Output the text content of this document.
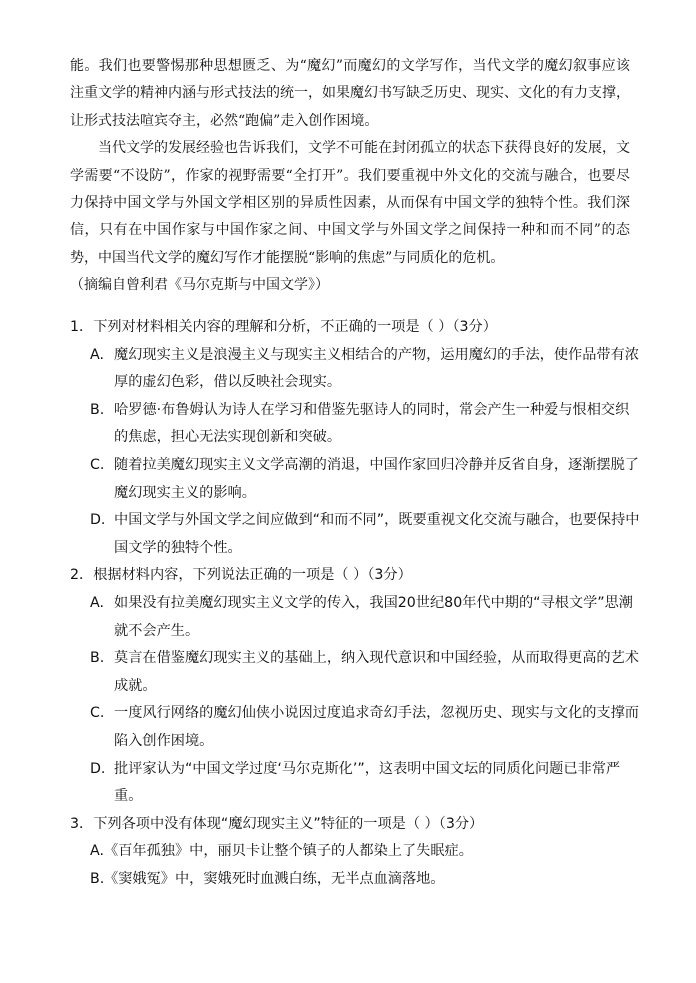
能。我们也要警惕那种思想匮乏、为“魔幻”而魔幻的文学写作，当代文学的魔幻叙事应该注重文学的精神内涵与形式技法的统一，如果魔幻书写缺乏历史、现实、文化的有力支撑，让形式技法喧宾夺主，必然“跑偏”走入创作困境。

当代文学的发展经验也告诉我们，文学不可能在封闭孤立的状态下获得良好的发展，文学需要“不设防”，作家的视野需要“全打开”。我们要重视中外文化的交流与融合，也要尽力保持中国文学与外国文学相区别的异质性因素，从而保有中国文学的独特个性。我们深信，只有在中国作家与中国作家之间、中国文学与外国文学之间保持一种和而不同”的态势，中国当代文学的魔幻写作才能摆脱“影响的焦虑”与同质化的危机。

（摘编自曾利君《马尔克斯与中国文学》）

1．下列对材料相关内容的理解和分析，不正确的一项是（ ）（3分）

A. 魔幻现实主义是浪漫主义与现实主义相结合的产物，运用魔幻的手法，使作品带有浓厚的虚幻色彩，借以反映社会现实。
B. 哈罗德·布鲁姆认为诗人在学习和借鉴先驱诗人的同时，常会产生一种爱与恨相交织的焦虑，担心无法实现创新和突破。
C. 随着拉美魔幻现实主义文学高潮的消退，中国作家回归冷静并反省自身，逐渐摆脱了魔幻现实主义的影响。
D. 中国文学与外国文学之间应做到“和而不同”，既要重视文化交流与融合，也要保持中国文学的独特个性。

2．根据材料内容，下列说法正确的一项是（ ）（3分）

A. 如果没有拉美魔幻现实主义文学的传入，我国20世纪80年代中期的“寻根文学”思潮就不会产生。
B. 莫言在借鉴魔幻现实主义的基础上，纳入现代意识和中国经验，从而取得更高的艺术成就。
C. 一度风行网络的魔幻仙侠小说因过度追求奇幻手法，忽视历史、现实与文化的支撑而陷入创作困境。
D. 批评家认为“中国文学过度‘马尔克斯化’”，这表明中国文坛的同质化问题已非常严重。

3．下列各项中没有体现“魔幻现实主义”特征的一项是（ ）（3分）

A. 《百年孤独》中，丽贝卡让整个镇子的人都染上了失眠症。
B. 《窦娥冤》中，窦娥死时血溅白练，无半点血滴落地。
